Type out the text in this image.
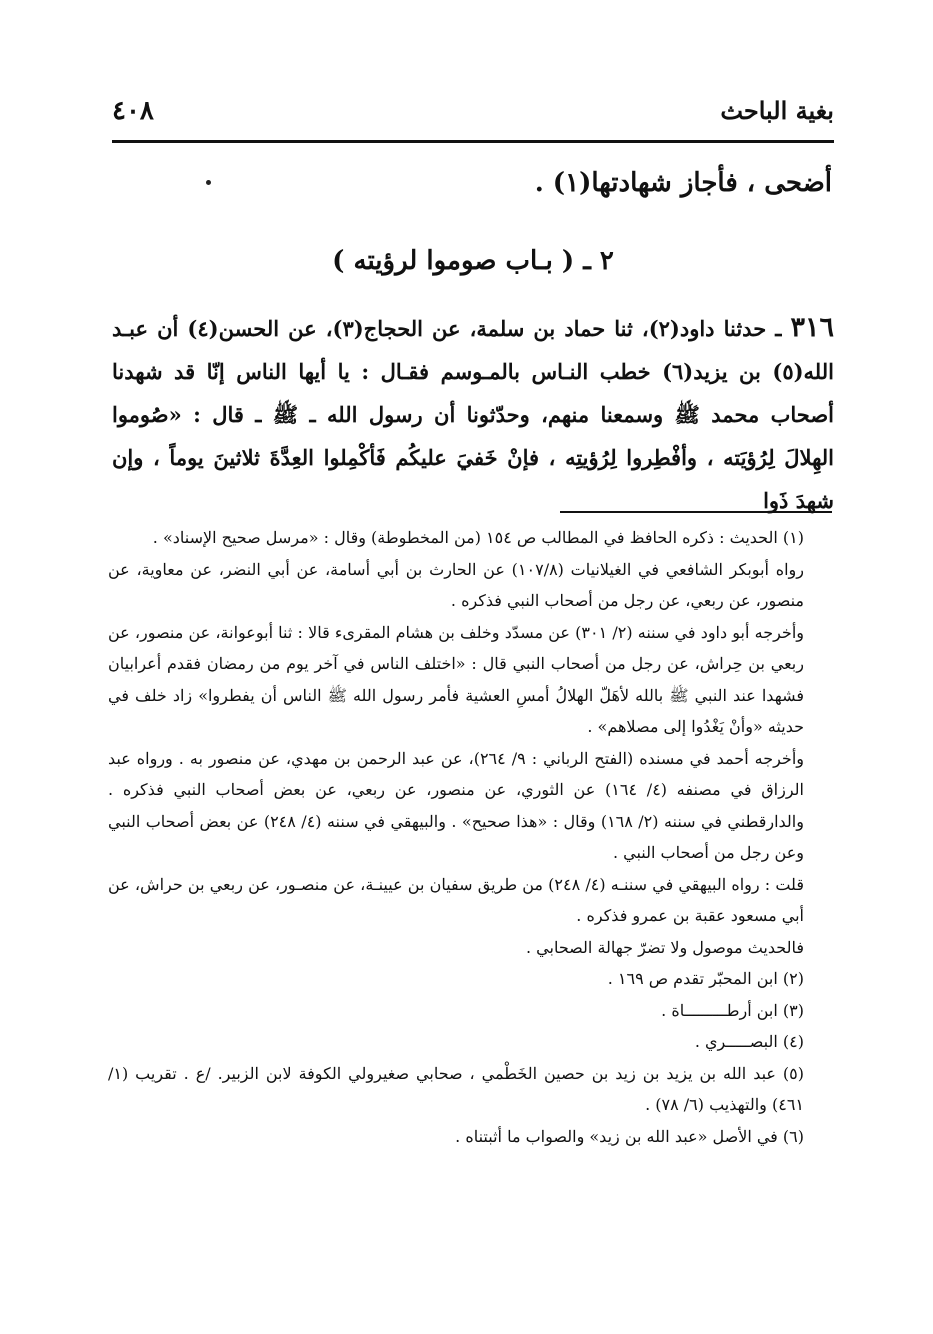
٤٠٨	بغية الباحث
أضحى ، فأجاز شهادتها(١) .
٢ ـ ( بـاب صوموا لرؤيته )
٣١٦ ـ حدثنا داود(٢)، ثنا حماد بن سلمة، عن الحجاج(٣)، عن الحسن(٤) أن عبـد الله(٥) بن يزيد(٦) خطب النـاس بالمـوسم فقـال : يا أيها الناس إنّا قد شهدنا أصحاب محمد ﷺ وسمعنا منهم، وحدّثونا أن رسول الله ـ ﷺ ـ قال : «صُوموا الهِلالَ لِرُؤيَته ، وأفْطِروا لِرُؤيتِه ، فإنْ خَفيَ عليكُم فَأكْمِلوا العِدَّةَ ثلاثينَ يوماً ، وإن شهدَ ذَوا

(١) الحديث : ذكره الحافظ في المطالب ص ١٥٤ (من المخطوطة) وقال : «مرسل صحيح الإسناد» .

رواه أبوبكر الشافعي في الغيلانيات (١٠٧/٨) عن الحارث بن أبي أسامة، عن أبي النضر، عن معاوية، عن منصور، عن ربعي، عن رجل من أصحاب النبي فذكره .

وأخرجه أبو داود في سننه (٢/ ٣٠١) عن مسدّد وخلف بن هشام المقرىء قالا : ثنا أبوعوانة، عن منصور، عن ربعي بن حِراش، عن رجل من أصحاب النبي قال : «اختلف الناس في آخر يوم من رمضان فقدم أعرابيان فشهدا عند النبي ﷺ بالله لأهَلّ الهلالُ أمسِ العشية فأمر رسول الله ﷺ الناس أن يفطروا» زاد خلف في حديثه «وأنْ يَغْدُوا إلى مصلاهم» .

وأخرجه أحمد في مسنده (الفتح الرباني : ٩/ ٢٦٤)، عن عبد الرحمن بن مهدي، عن منصور به . ورواه عبد الرزاق في مصنفه (٤/ ١٦٤) عن الثوري، عن منصور، عن ربعي، عن بعض أصحاب النبي فذكره . والدارقطني في سننه (٢/ ١٦٨) وقال : «هذا صحيح» . والبيهقي في سننه (٤/ ٢٤٨) عن بعض أصحاب النبي وعن رجل من أصحاب النبي .

قلت : رواه البيهقي في سننـه (٤/ ٢٤٨) من طريق سفيان بن عيينـة، عن منصـور، عن ربعي بن حراش، عن أبي مسعود عقبة بن عمرو فذكره .

فالحديث موصول ولا تضرّ جهالة الصحابي .

(٢) ابن المحبّر تقدم ص ١٦٩ .

(٣) ابن أرطـــــــــاة .

(٤) البصـــــري .

(٥) عبد الله بن يزيد بن زيد بن حصين الخَطْمي ، صحابي صغيرولي الكوفة لابن الزبير. /ع . تقريب (١/ ٤٦١) والتهذيب (٦/ ٧٨) .

(٦) في الأصل «عبد الله بن زيد» والصواب ما أثبتناه .
